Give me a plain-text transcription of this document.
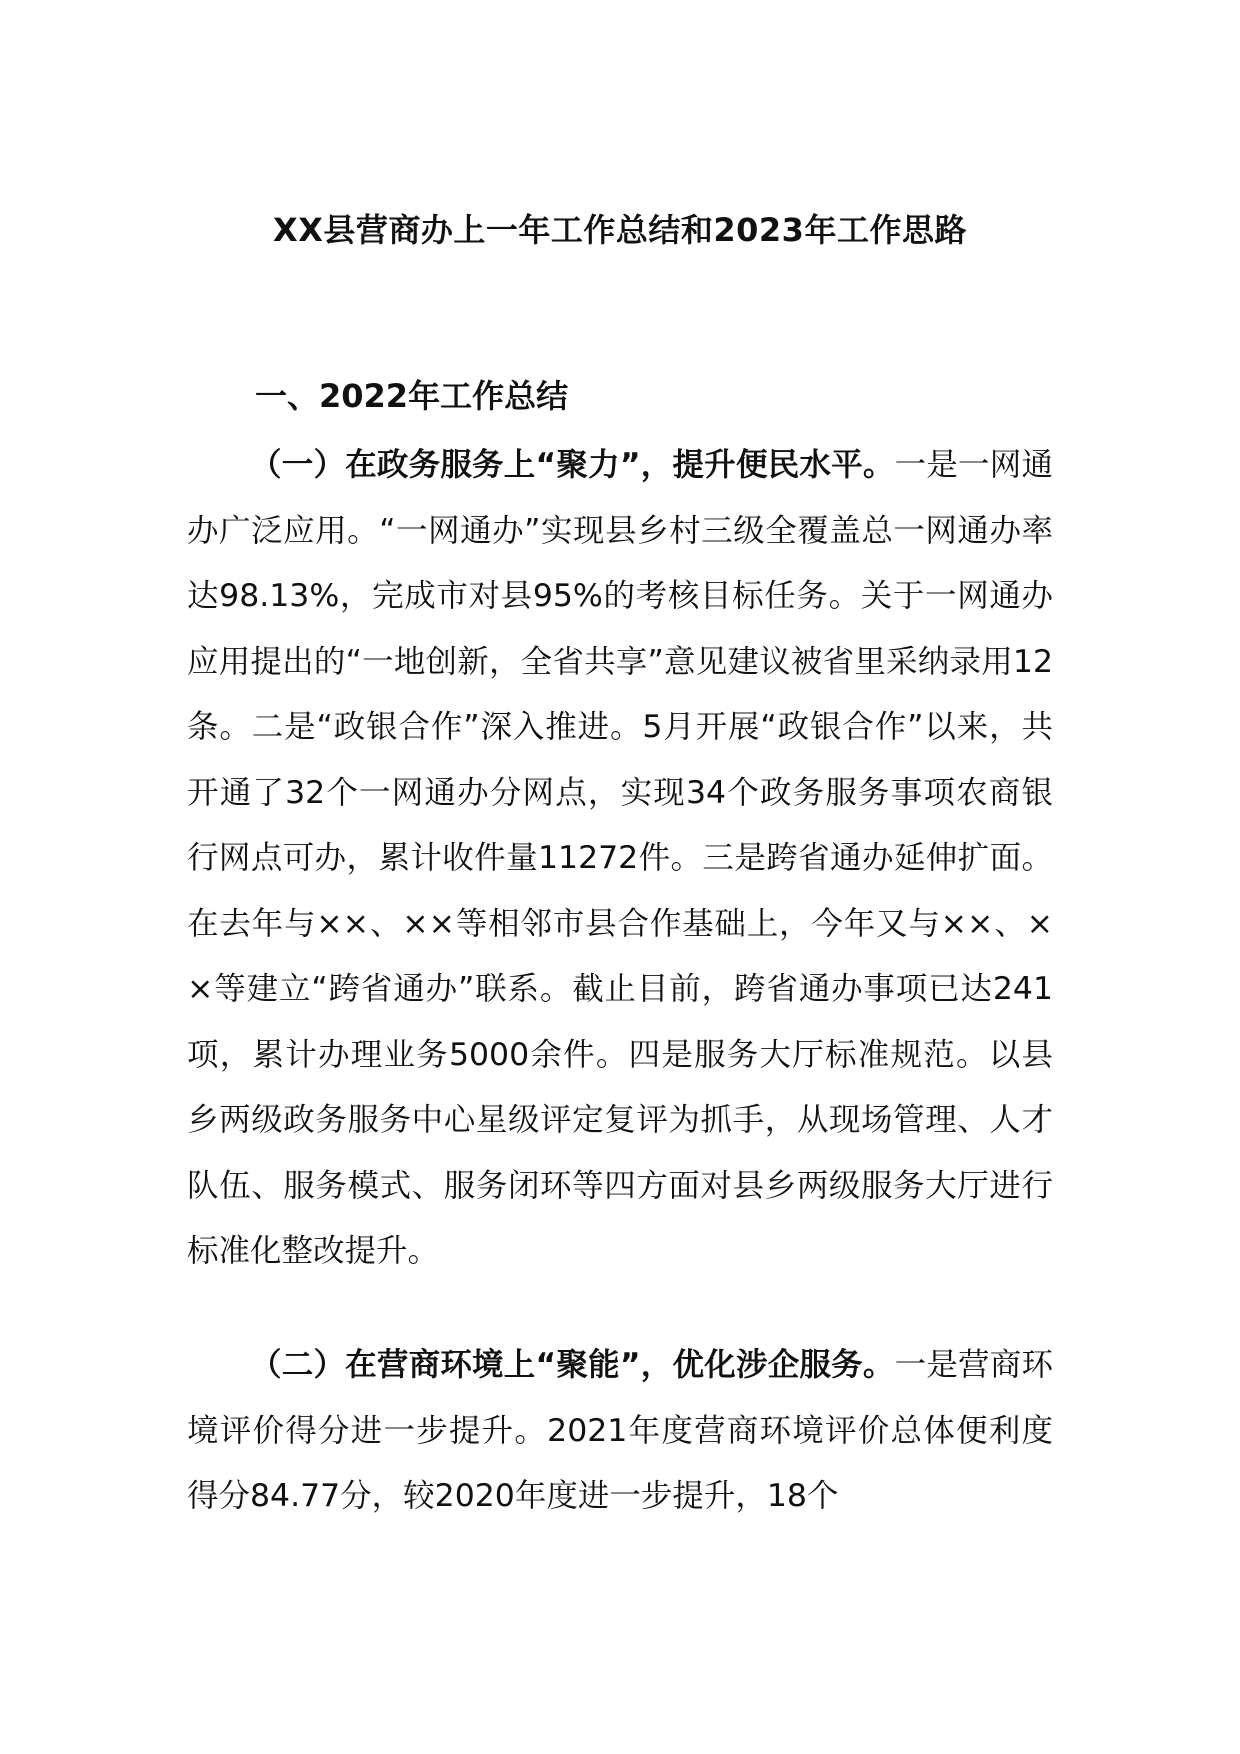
XX县营商办上一年工作总结和2023年工作思路
一、2022年工作总结

（一）在政务服务上“聚力”，提升便民水平。一是一网通办广泛应用。“一网通办”实现县乡村三级全覆盖总一网通办率达98.13%，完成市对县95%的考核目标任务。关于一网通办应用提出的“一地创新，全省共享”意见建议被省里采纳录用12条。二是“政银合作”深入推进。5月开展“政银合作”以来，共开通了32个一网通办分网点，实现34个政务服务事项农商银行网点可办，累计收件量11272件。三是跨省通办延伸扩面。在去年与××、××等相邻市县合作基础上，今年又与××、××等建立“跨省通办”联系。截止目前，跨省通办事项已达241项，累计办理业务5000余件。四是服务大厅标准规范。以县乡两级政务服务中心星级评定复评为抓手，从现场管理、人才队伍、服务模式、服务闭环等四方面对县乡两级服务大厅进行标准化整改提升。

（二）在营商环境上“聚能”，优化涉企服务。一是营商环境评价得分进一步提升。2021年度营商环境评价总体便利度得分84.77分，较2020年度进一步提升，18个
